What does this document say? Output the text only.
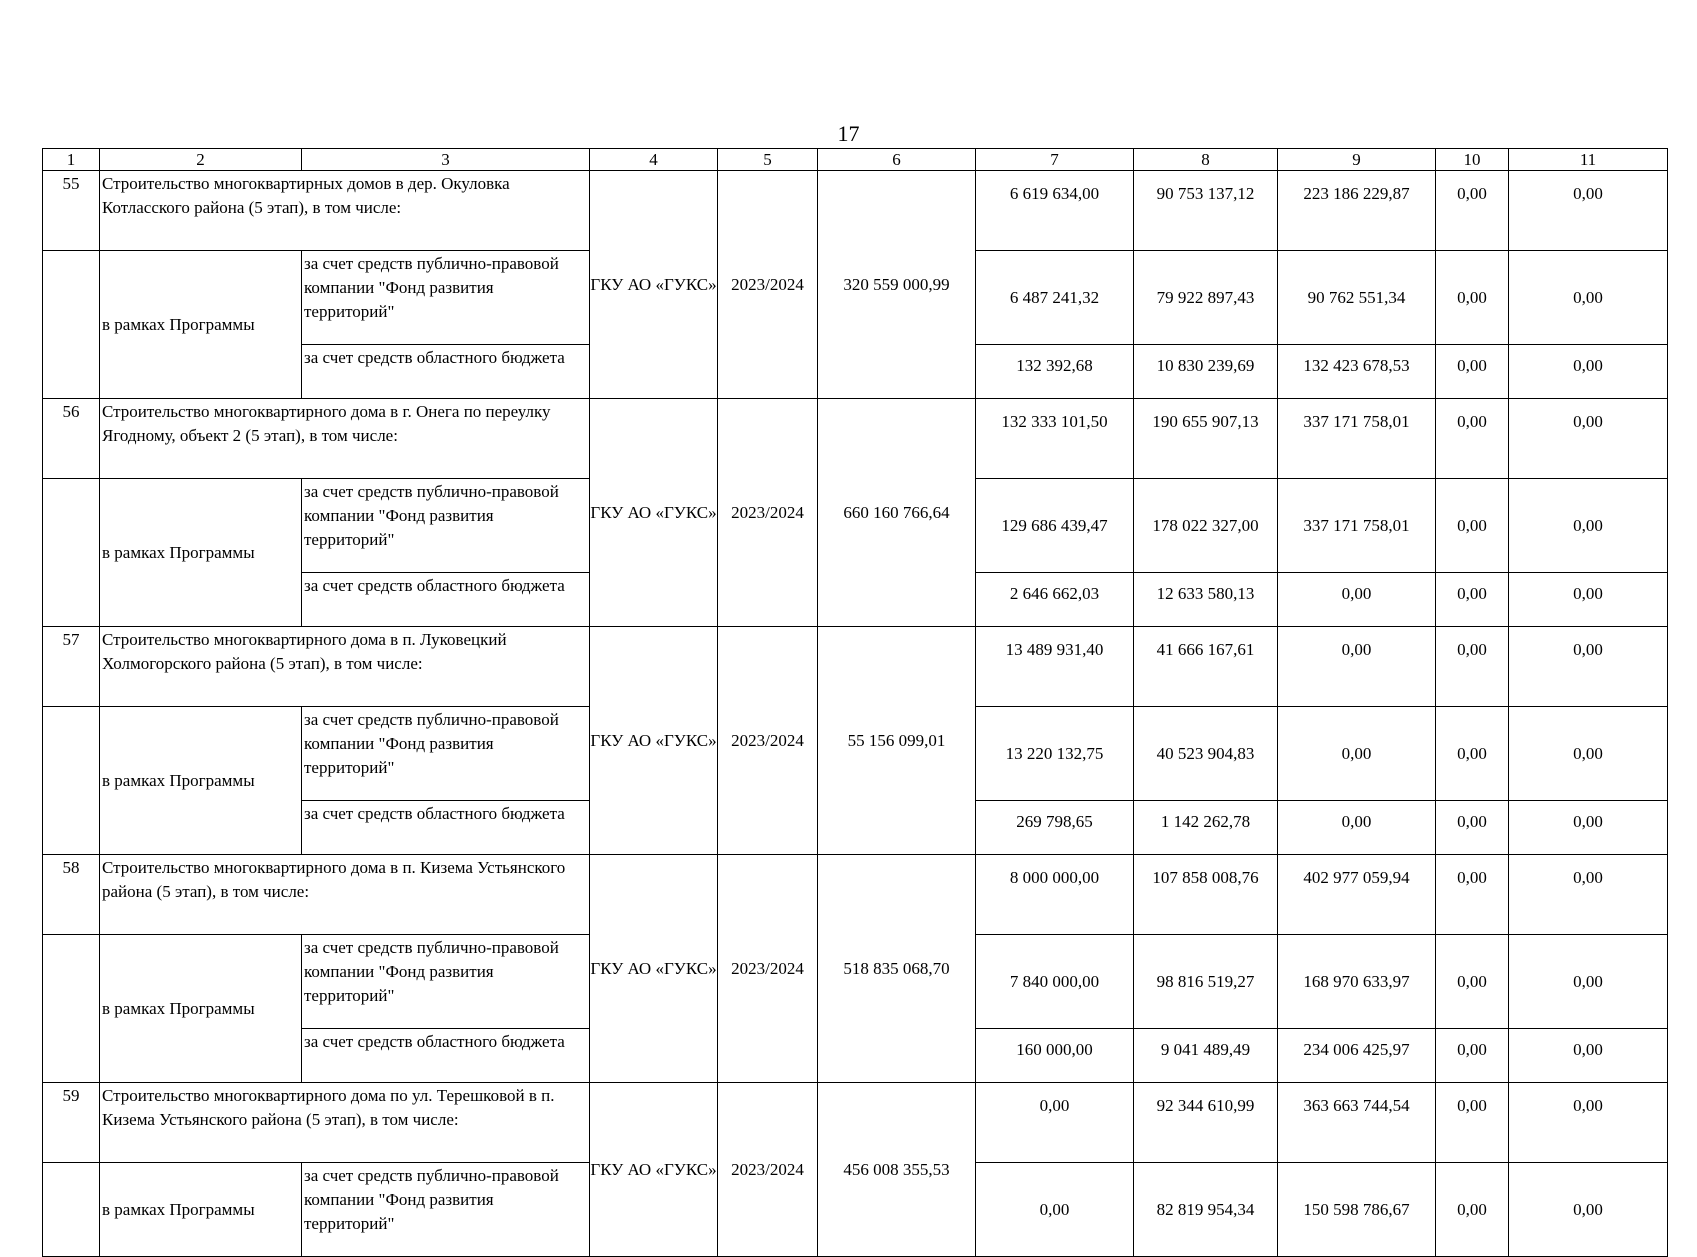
17
1	2	3	4	5	6	7	8	9	10	11
55	Строительство многоквартирных домов в дер. Окуловка Котласского района (5 этап), в том числе:		ГКУ АО «ГУКС»	2023/2024	320 559 000,99	6 619 634,00	90 753 137,12	223 186 229,87	0,00	0,00
	в рамках Программы	за счет средств публично-правовой компании "Фонд развития территорий"				6 487 241,32	79 922 897,43	90 762 551,34	0,00	0,00
		за счет средств областного бюджета				132 392,68	10 830 239,69	132 423 678,53	0,00	0,00
56	Строительство многоквартирного дома в г. Онега по переулку Ягодному, объект 2 (5 этап), в том числе:		ГКУ АО «ГУКС»	2023/2024	660 160 766,64	132 333 101,50	190 655 907,13	337 171 758,01	0,00	0,00
	в рамках Программы	за счет средств публично-правовой компании "Фонд развития территорий"				129 686 439,47	178 022 327,00	337 171 758,01	0,00	0,00
		за счет средств областного бюджета				2 646 662,03	12 633 580,13	0,00	0,00	0,00
57	Строительство многоквартирного дома в п. Луковецкий Холмогорского района (5 этап), в том числе:		ГКУ АО «ГУКС»	2023/2024	55 156 099,01	13 489 931,40	41 666 167,61	0,00	0,00	0,00
	в рамках Программы	за счет средств публично-правовой компании "Фонд развития территорий"				13 220 132,75	40 523 904,83	0,00	0,00	0,00
		за счет средств областного бюджета				269 798,65	1 142 262,78	0,00	0,00	0,00
58	Строительство многоквартирного дома в п. Кизема Устьянского района (5 этап), в том числе:		ГКУ АО «ГУКС»	2023/2024	518 835 068,70	8 000 000,00	107 858 008,76	402 977 059,94	0,00	0,00
	в рамках Программы	за счет средств публично-правовой компании "Фонд развития территорий"				7 840 000,00	98 816 519,27	168 970 633,97	0,00	0,00
		за счет средств областного бюджета				160 000,00	9 041 489,49	234 006 425,97	0,00	0,00
59	Строительство многоквартирного дома по ул. Терешковой в п. Кизема Устьянского района (5 этап), в том числе:		ГКУ АО «ГУКС»	2023/2024	456 008 355,53	0,00	92 344 610,99	363 663 744,54	0,00	0,00
	в рамках Программы	за счет средств публично-правовой компании "Фонд развития территорий"				0,00	82 819 954,34	150 598 786,67	0,00	0,00
